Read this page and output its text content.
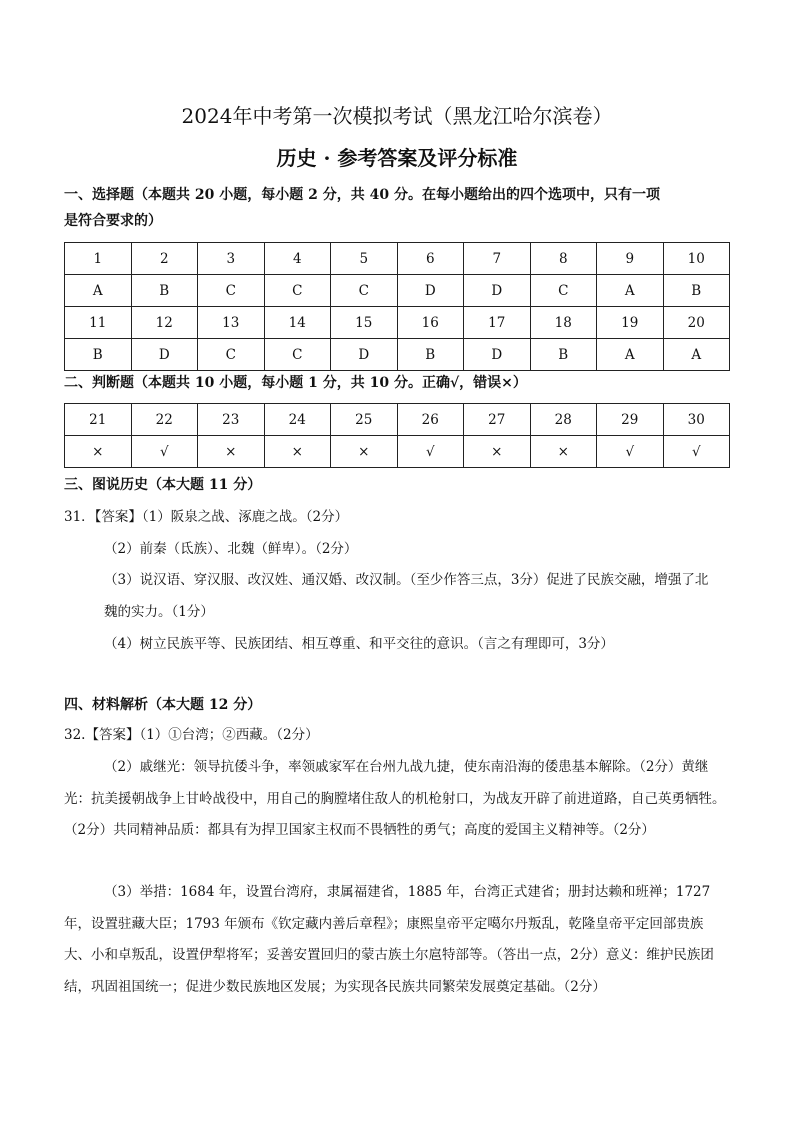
2024年中考第一次模拟考试（黑龙江哈尔滨卷）
历史 · 参考答案及评分标准
一、选择题（本题共 20 小题，每小题 2 分，共 40 分。在每小题给出的四个选项中，只有一项
是符合要求的）
1	2	3	4	5	6	7	8	9	10
A	B	C	C	C	D	D	C	A	B
11	12	13	14	15	16	17	18	19	20
B	D	C	C	D	B	D	B	A	A
二、判断题（本题共 10 小题，每小题 1 分，共 10 分。正确√，错误×）
21	22	23	24	25	26	27	28	29	30
×	√	×	×	×	√	×	×	√	√
三、图说历史（本大题 11 分）
31．【答案】（1）阪泉之战、涿鹿之战。（2分）
（2）前秦（氐族）、北魏（鲜卑）。（2分）
（3）说汉语、穿汉服、改汉姓、通汉婚、改汉制。（至少作答三点，3分）促进了民族交融，增强了北
魏的实力。（1分）
（4）树立民族平等、民族团结、相互尊重、和平交往的意识。（言之有理即可，3分）
四、材料解析（本大题 12 分）
32.【答案】（1）①台湾；②西藏。（2分）
（2）戚继光：领导抗倭斗争，率领戚家军在台州九战九捷，使东南沿海的倭患基本解除。（2分）黄继光：抗美援朝战争上甘岭战役中，用自己的胸膛堵住敌人的机枪射口，为战友开辟了前进道路，自己英勇牺牲。（2分）共同精神品质：都具有为捍卫国家主权而不畏牺牲的勇气；高度的爱国主义精神等。（2分）
（3）举措：1684 年，设置台湾府，隶属福建省，1885 年，台湾正式建省；册封达赖和班禅；1727 年，设置驻藏大臣；1793 年颁布《钦定藏内善后章程》；康熙皇帝平定噶尔丹叛乱，乾隆皇帝平定回部贵族大、小和卓叛乱，设置伊犁将军；妥善安置回归的蒙古族土尔扈特部等。（答出一点，2分）意义：维护民族团结，巩固祖国统一；促进少数民族地区发展；为实现各民族共同繁荣发展奠定基础。（2分）
